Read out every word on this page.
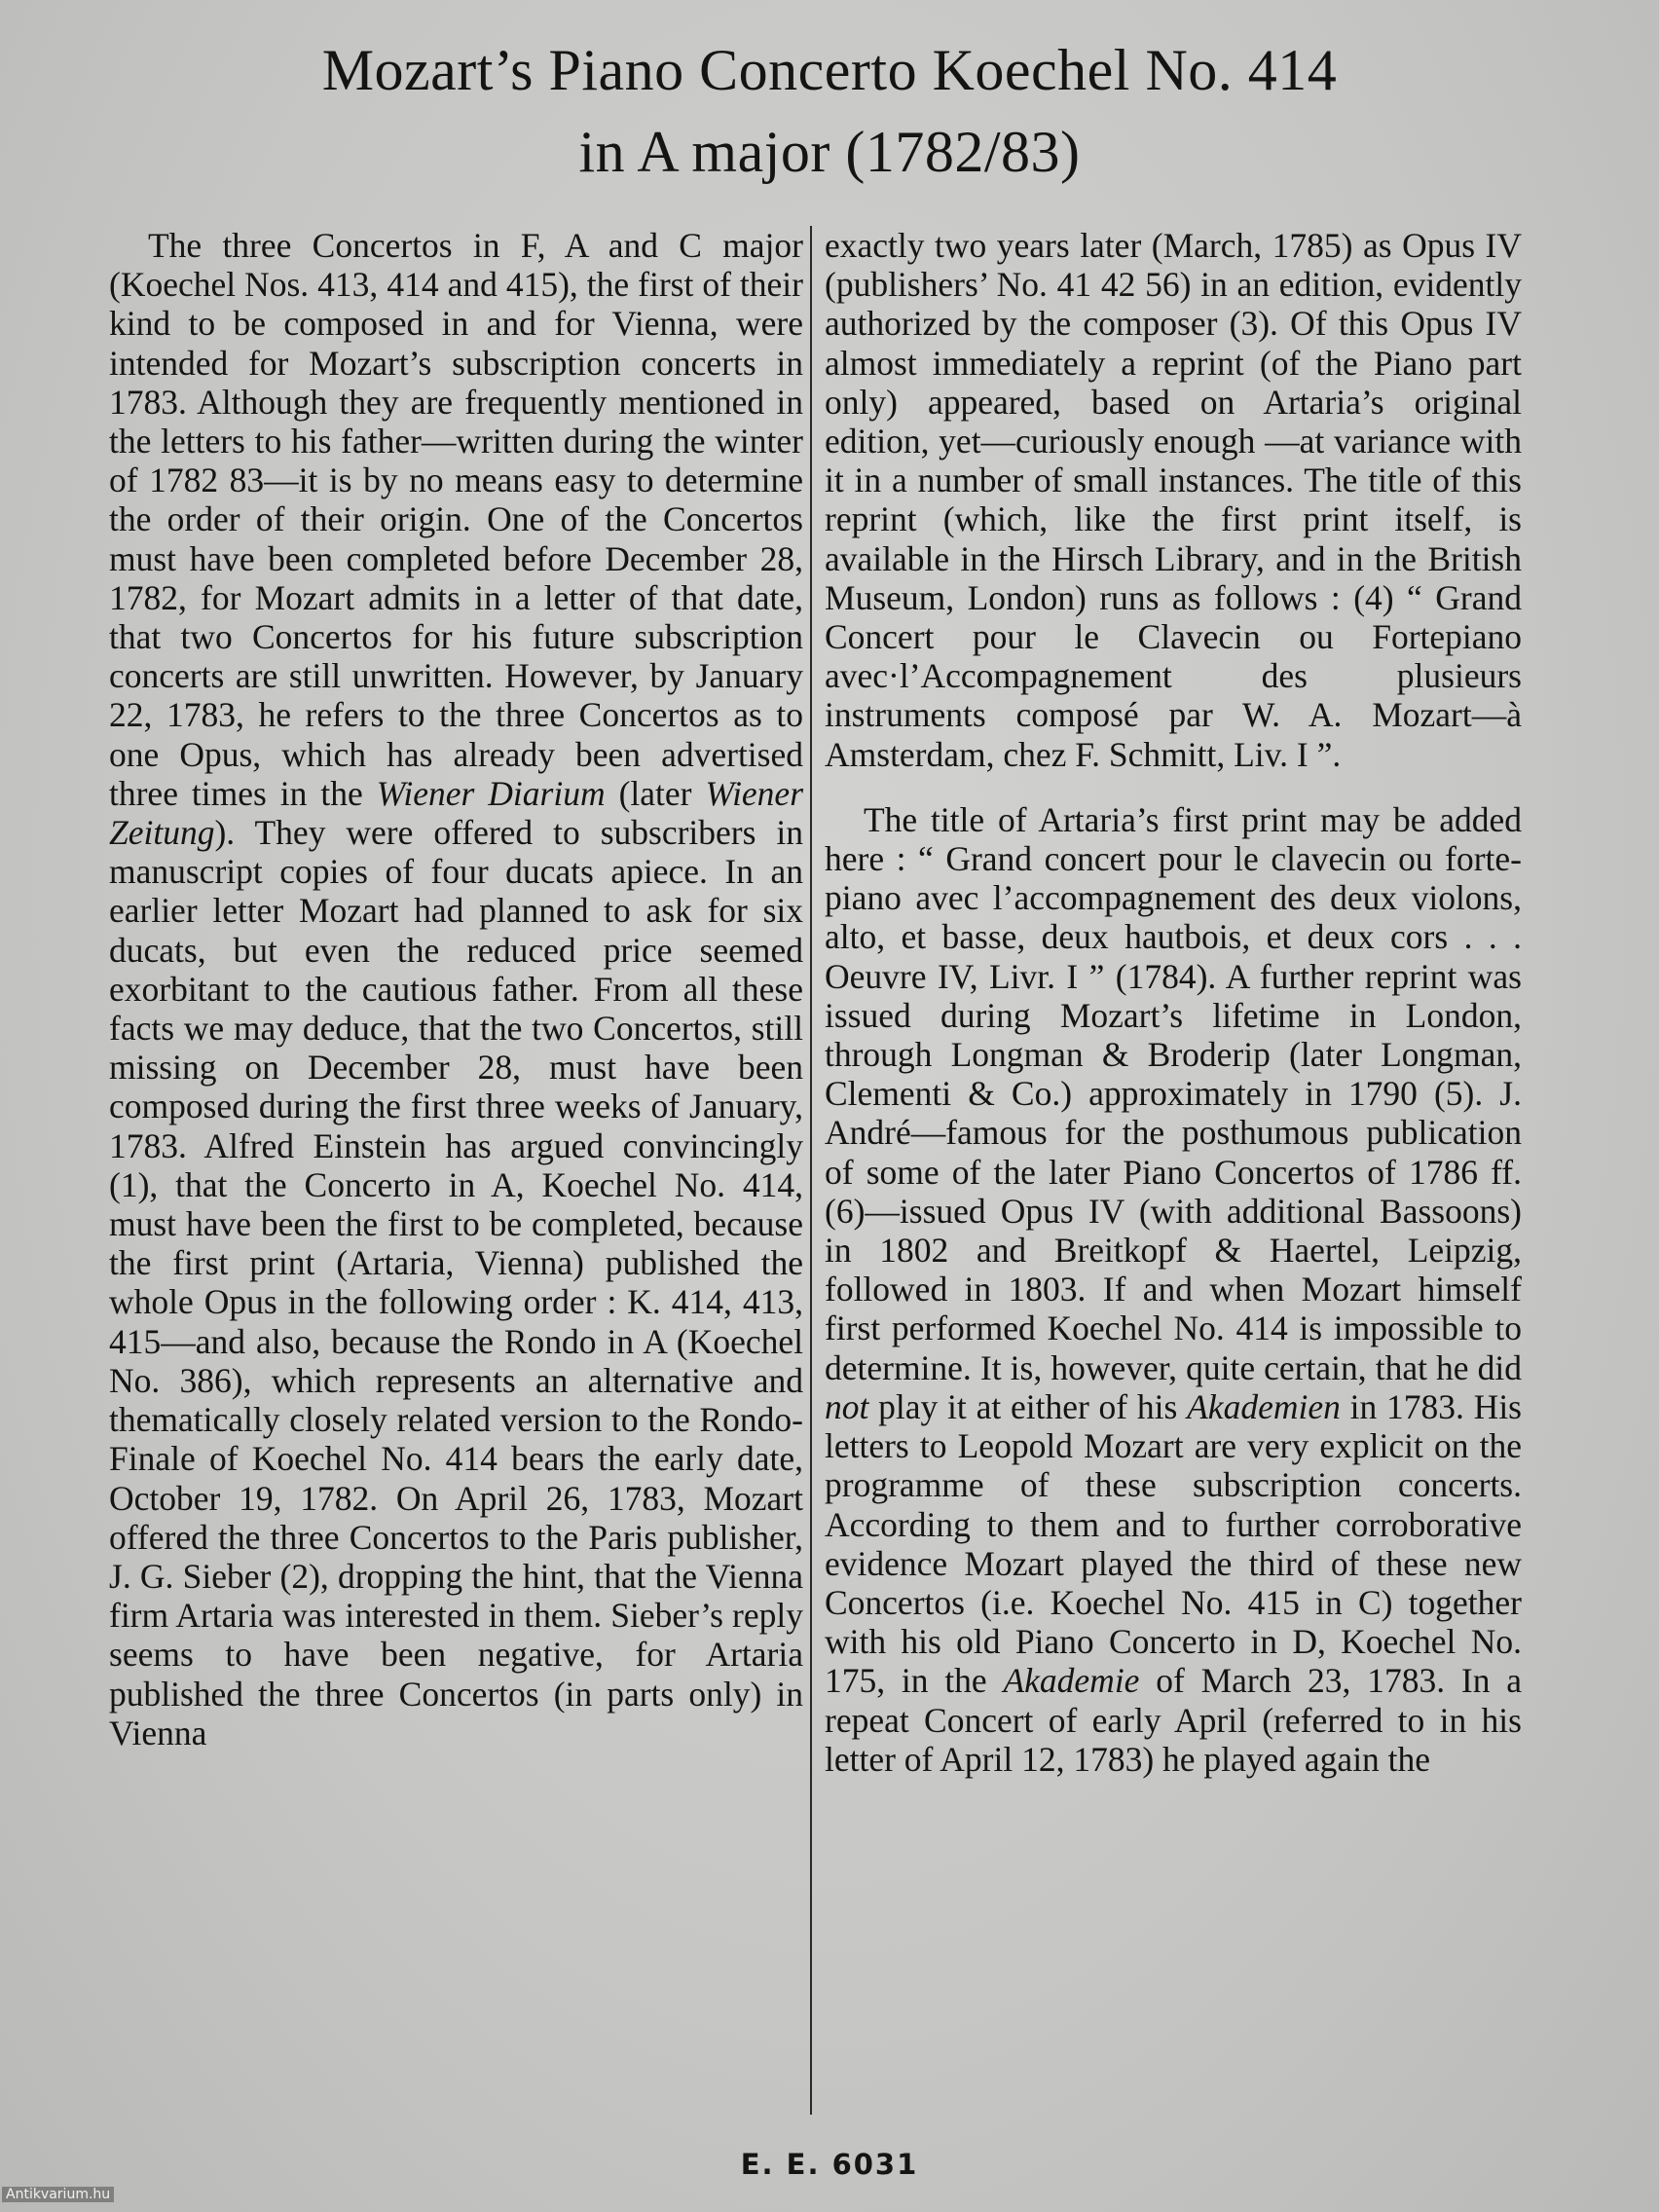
Mozart’s Piano Concerto Koechel No. 414
in A major (1782/83)

The three Concertos in F, A and C major (Koechel Nos. 413, 414 and 415), the first of their kind to be composed in and for Vienna, were intended for Mozart’s subscription concerts in 1783. Although they are frequently mentioned in the letters to his father—written during the winter of 1782 83—it is by no means easy to determine the order of their origin. One of the Concertos must have been completed before December 28, 1782, for Mozart admits in a letter of that date, that two Concertos for his future subscription concerts are still unwritten. However, by January 22, 1783, he refers to the three Concertos as to one Opus, which has already been advertised three times in the Wiener Diarium (later Wiener Zeitung). They were offered to subscribers in manuscript copies of four ducats apiece. In an earlier letter Mozart had planned to ask for six ducats, but even the reduced price seemed exorbitant to the cautious father. From all these facts we may deduce, that the two Concertos, still missing on December 28, must have been composed during the first three weeks of January, 1783. Alfred Einstein has argued convincingly (1), that the Concerto in A, Koechel No. 414, must have been the first to be completed, because the first print (Artaria, Vienna) published the whole Opus in the following order : K. 414, 413, 415—and also, because the Rondo in A (Koechel No. 386), which represents an alternative and thematically closely related version to the Rondo-Finale of Koechel No. 414 bears the early date, October 19, 1782. On April 26, 1783, Mozart offered the three Concertos to the Paris publisher, J. G. Sieber (2), dropping the hint, that the Vienna firm Artaria was interested in them. Sieber’s reply seems to have been negative, for Artaria published the three Concertos (in parts only) in Vienna

exactly two years later (March, 1785) as Opus IV (publishers’ No. 41 42 56) in an edition, evidently authorized by the composer (3). Of this Opus IV almost immediately a reprint (of the Piano part only) appeared, based on Artaria’s original edition, yet—curiously enough —at variance with it in a number of small instances. The title of this reprint (which, like the first print itself, is available in the Hirsch Library, and in the British Museum, London) runs as follows : (4) “ Grand Concert pour le Clavecin ou Fortepiano avec·l’Accompagnement des plusieurs instruments composé par W. A. Mozart—à Amsterdam, chez F. Schmitt, Liv. I ”.

The title of Artaria’s first print may be added here : “ Grand concert pour le clavecin ou forte-piano avec l’accompagnement des deux violons, alto, et basse, deux hautbois, et deux cors . . . Oeuvre IV, Livr. I ” (1784). A further reprint was issued during Mozart’s lifetime in London, through Longman & Broderip (later Longman, Clementi & Co.) approximately in 1790 (5). J. André—famous for the posthumous publication of some of the later Piano Concertos of 1786 ff. (6)—issued Opus IV (with additional Bassoons) in 1802 and Breitkopf & Haertel, Leipzig, followed in 1803. If and when Mozart himself first performed Koechel No. 414 is impossible to determine. It is, however, quite certain, that he did not play it at either of his Akademien in 1783. His letters to Leopold Mozart are very explicit on the programme of these subscription concerts. According to them and to further corroborative evidence Mozart played the third of these new Concertos (i.e. Koechel No. 415 in C) together with his old Piano Concerto in D, Koechel No. 175, in the Akademie of March 23, 1783. In a repeat Concert of early April (referred to in his letter of April 12, 1783) he played again the

E. E. 6031
Antikvarium.hu
